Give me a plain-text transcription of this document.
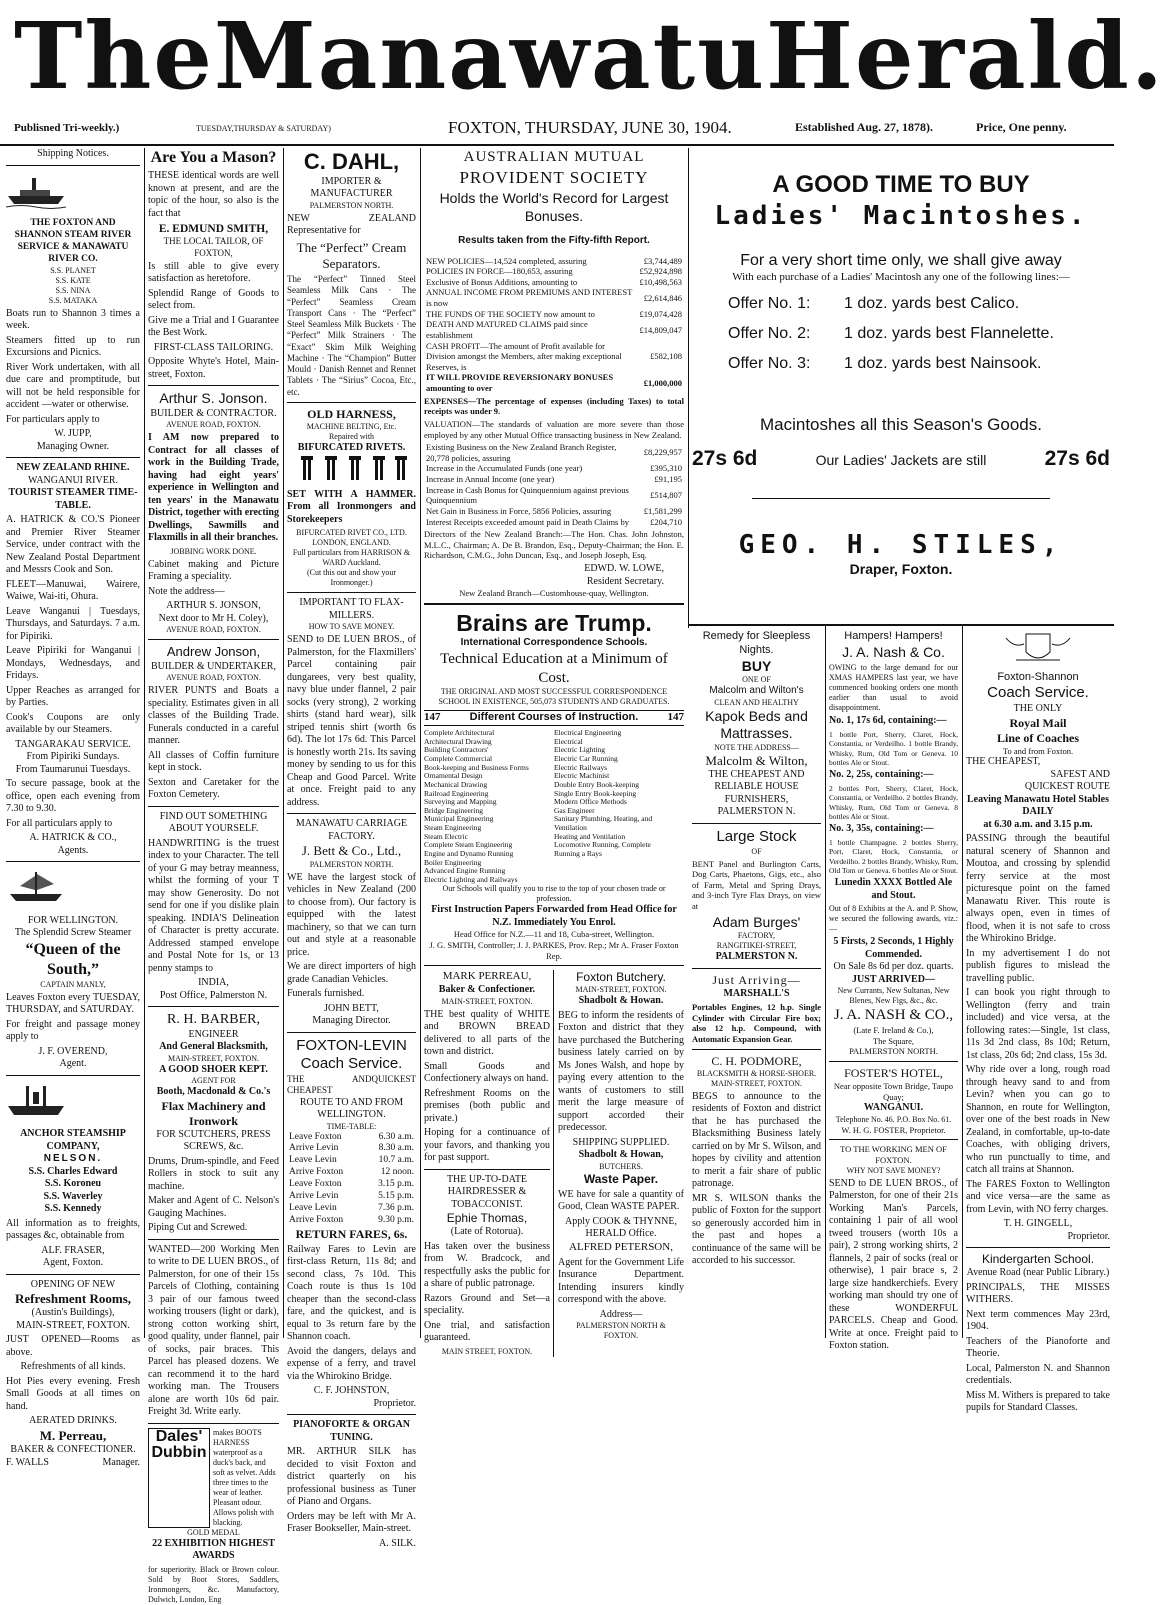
The Manawatu Herald.
Publisned Tri-weekly.)	TUESDAY,THURSDAY & SATURDAY)	FOXTON, THURSDAY, JUNE 30, 1904.	Established Aug. 27, 1878).	Price, One penny.
Shipping Notices.
THE FOXTON AND SHANNON STEAM RIVER SERVICE & MANAWATU RIVER CO.
S.S. PLANET
S.S. KATE
S.S. NINA
S.S. MATAKA

Boats run to Shannon 3 times a week.

Steamers fitted up to run Excursions and Picnics.

River Work undertaken, with all due care and promptitude, but will not be held responsible for accident —water or otherwise.

For particulars apply to

W. JUPP,
Managing Owner.
NEW ZEALAND RHINE.
WANGANUI RIVER.
TOURIST STEAMER TIME-TABLE.

A. HATRICK & CO.'S Pioneer and Premier River Steamer Service, under contract with the New Zealand Postal Department and Messrs Cook and Son.

FLEET—Manuwai, Wairere, Waiwe, Wai-iti, Ohura.

Leave Wanganui | Tuesdays, Thursdays, and Saturdays. 7 a.m. for Pipiriki.

Leave Pipiriki for Wanganui | Mondays, Wednesdays, and Fridays.

Upper Reaches as arranged for by Parties.

Cook's Coupons are only available by our Steamers.

TANGARAKAU SERVICE.
From Pipiriki Sundays.
From Taumarunui Tuesdays.

To secure passage, book at the office, open each evening from 7.30 to 9.30.

For all particulars apply to

A. HATRICK & CO.,
Agents.
FOR WELLINGTON.
The Splendid Screw Steamer
“Queen of the South,”
CAPTAIN MANLY,

Leaves Foxton every TUESDAY, THURSDAY, and SATURDAY.

For freight and passage money apply to

J. F. OVEREND,
Agent.
ANCHOR STEAMSHIP COMPANY,
NELSON.
S.S. Charles Edward
S.S. Koroneu
S.S. Waverley
S.S. Kennedy

All information as to freights, passages &c, obtainable from

ALF. FRASER,
Agent, Foxton.
OPENING OF NEW
Refreshment Rooms,
(Austin's Buildings),
MAIN-STREET, FOXTON.

JUST OPENED—Rooms as above.

Refreshments of all kinds.

Hot Pies every evening. Fresh Small Goods at all times on hand.

AERATED DRINKS.
M. Perreau,
BAKER & CONFECTIONER.
F. WALLS	Manager.
Are You a Mason?

THESE identical words are well known at present, and are the topic of the hour, so also is the fact that

E. EDMUND SMITH,
THE LOCAL TAILOR, OF FOXTON,

Is still able to give every satisfaction as heretofore.

Splendid Range of Goods to select from.

Give me a Trial and I Guarantee the Best Work.

FIRST-CLASS TAILORING.

Opposite Whyte's Hotel, Main-street, Foxton.

Arthur S. Jonson.
BUILDER & CONTRACTOR.
AVENUE ROAD, FOXTON.

I AM now prepared to Contract for all classes of work in the Building Trade, having had eight years' experience in Wellington and ten years' in the Manawatu District, together with erecting Dwellings, Sawmills and Flaxmills in all their branches.

JOBBING WORK DONE.

Cabinet making and Picture Framing a speciality.

Note the address—

ARTHUR S. JONSON,
Next door to Mr H. Coley),
AVENUE ROAD, FOXTON.
Andrew Jonson,
BUILDER & UNDERTAKER,
AVENUE ROAD, FOXTON.

RIVER PUNTS and Boats a speciality. Estimates given in all classes of the Building Trade. Funerals conducted in a careful manner.

All classes of Coffin furniture kept in stock.

Sexton and Caretaker for the Foxton Cemetery.

FIND OUT SOMETHING ABOUT YOURSELF.

HANDWRITING is the truest index to your Character. The tell of your G may betray meanness, whilst the forming of your T may show Generosity. Do not send for one if you dislike plain speaking. INDIA'S Delineation of Character is pretty accurate. Addressed stamped envelope and Postal Note for 1s, or 13 penny stamps to

INDIA,
Post Office, Palmerston N.
R. H. BARBER,
ENGINEER
And General Blacksmith,
MAIN-STREET, FOXTON.
A GOOD SHOER KEPT.
AGENT FOR
Booth, Macdonald & Co.'s
Flax Machinery and Ironwork
FOR SCUTCHERS, PRESS SCREWS, &c.

Drums, Drum-spindle, and Feed Rollers in stock to suit any machine.

Maker and Agent of C. Nelson's Gauging Machines.

Piping Cut and Screwed.

WANTED—200 Working Men to write to DE LUEN BROS., of Palmerston, for one of their 15s Parcels of Clothing, containing 3 pair of our famous tweed working trousers (light or dark), strong cotton working shirt, good quality, under flannel, pair of socks, pair braces. This Parcel has pleased dozens. We can recommend it to the hard working man. The Trousers alone are worth 10s 6d pair. Freight 3d. Write early.

Dales' Dubbin
makes BOOTS HARNESS waterproof as a duck's back, and soft as velvet. Adds three times to the wear of leather. Pleasant odour. Allows polish with blacking.
GOLD MEDAL
22 EXHIBITION HIGHEST AWARDS

for superiority. Black or Brown colour. Sold by Boot Stores, Saddlers, Ironmongers, &c. Manufactory, Dulwich, London, Eng

C. DAHL,
IMPORTER & MANUFACTURER
PALMERSTON NORTH.

NEW ZEALAND Representative for

The “Perfect” Cream Separators.

The “Perfect” Tinned Steel Seamless Milk Cans · The “Perfect” Seamless Cream Transport Cans · The “Perfect” Steel Seamless Milk Buckets · The “Perfect” Milk Strainers · The “Exact” Skim Milk Weighing Machine · The “Champion” Butter Mould · Danish Rennet and Rennet Tablets · The “Sirius” Cocoa, Etc., etc.

OLD HARNESS,
MACHINE BELTING, Etc.
Repaired with
BIFURCATED RIVETS.

SET WITH A HAMMER. From all Ironmongers and Storekeepers

BIFURCATED RIVET CO., LTD. LONDON, ENGLAND.
Full particulars from HARRISON & WARD Auckland.
(Cut this out and show your Ironmonger.)
IMPORTANT TO FLAX-MILLERS.
HOW TO SAVE MONEY.

SEND to DE LUEN BROS., of Palmerston, for the Flaxmillers' Parcel containing pair dungarees, very best quality, navy blue under flannel, 2 pair socks (very strong), 2 working shirts (stand hard wear), silk striped tennis shirt (worth 6s 6d). The lot 17s 6d. This Parcel is honestly worth 21s. Its saving money by sending to us for this Cheap and Good Parcel. Write at once. Freight paid to any address.

MANAWATU CARRIAGE FACTORY.
J. Bett & Co., Ltd.,
PALMERSTON NORTH.

WE have the largest stock of vehicles in New Zealand (200 to choose from). Our factory is equipped with the latest machinery, so that we can turn out and style at a reasonable price.

We are direct importers of high grade Canadian Vehicles.

Funerals furnished.

JOHN BETT,
Managing Director.
FOXTON-LEVIN Coach Service.
THE CHEAPEST
AND QUICKEST
ROUTE TO AND FROM WELLINGTON.
TIME-TABLE:
Leave Foxton	6.30 a.m.
Arrive Levin	8.30 a.m.
Leave Levin	10.7 a.m.
Arrive Foxton	12 noon.
Leave Foxton	3.15 p.m.
Arrive Levin	5.15 p.m.
Leave Levin	7.36 p.m.
Arrive Foxton	9.30 p.m.
RETURN FARES, 6s.

Railway Fares to Levin are first-class Return, 11s 8d; and second class, 7s 10d. This Coach route is thus 1s 10d cheaper than the second-class fare, and the quickest, and is equal to 3s return fare by the Shannon coach.

Avoid the dangers, delays and expense of a ferry, and travel via the Whirokino Bridge.

C. F. JOHNSTON,
Proprietor.
PIANOFORTE & ORGAN TUNING.

MR. ARTHUR SILK has decided to visit Foxton and district quarterly on his professional business as Tuner of Piano and Organs.

Orders may be left with Mr A. Fraser Bookseller, Main-street.

A. SILK.
AUSTRALIAN MUTUAL
PROVIDENT SOCIETY
Holds the World's Record for Largest Bonuses.
Results taken from the Fifty-fifth Report.
NEW POLICIES—14,524 completed, assuring	£3,744,489
POLICIES IN FORCE—180,653, assuring	£52,924,898
Exclusive of Bonus Additions, amounting to	£10,498,563
ANNUAL INCOME FROM PREMIUMS AND INTEREST is now	£2,614,846
THE FUNDS OF THE SOCIETY now amount to	£19,074,428
DEATH AND MATURED CLAIMS paid since establishment	£14,809,047
CASH PROFIT—The amount of Profit available for Division amongst the Members, after making exceptional Reserves, is	£582,108
IT WILL PROVIDE REVERSIONARY BONUSES amounting to over	£1,000,000

EXPENSES—The percentage of expenses (including Taxes) to total receipts was under 9.

VALUATION—The standards of valuation are more severe than those employed by any other Mutual Office transacting business in New Zealand.

Existing Business on the New Zealand Branch Register, 20,778 policies, assuring	£8,229,957
Increase in the Accumulated Funds (one year)	£395,310
Increase in Annual Income (one year)	£91,195
Increase in Cash Bonus for Quinquennium against previous Quinquennium	£514,807
Net Gain in Business in Force, 5856 Policies, assuring	£1,581,299
Interest Receipts exceeded amount paid in Death Claims by	£204,710

Directors of the New Zealand Branch:—The Hon. Chas. John Johnston, M.L.C., Chairman; A. De B. Brandon, Esq., Deputy-Chairman; the Hon. E. Richardson, C.M.G., John Duncan, Esq., and Joseph Joseph, Esq.

EDWD. W. LOWE,
Resident Secretary.
New Zealand Branch—Customhouse-quay, Wellington.
Brains are Trump.
International Correspondence Schools.
Technical Education at a Minimum of Cost.
THE ORIGINAL AND MOST SUCCESSFUL CORRESPONDENCE SCHOOL IN EXISTENCE, 505,073 STUDENTS AND GRADUATES.
147	Different Courses of Instruction.	147
Complete Architectural
Architectural Drawing
Building Contractors'
Complete Commercial
Book-keeping and Business Forms
Ornamental Design
Mechanical Drawing
Railroad Engineering
Surveying and Mapping
Bridge Engineering
Municipal Engineering
Steam Engineering
Steam Electric
Complete Steam Engineering
Engine and Dynamo Running
Boiler Engineering
Advanced Engine Running
Electric Lighting and Railways
Electrical Engineering
Electrical
Electric Lighting
Electric Car Running
Electric Railways
Electric Machinist
Double Entry Book-keeping
Single Entry Book-keeping
Modern Office Methods
Gas Engineer
Sanitary Plumbing, Heating, and Ventilation
Heating and Ventilation
Locomotive Running, Complete
Running a Rays
Our Schools will qualify you to rise to the top of your chosen trade or profession.
First Instruction Papers Forwarded from Head Office for N.Z. Immediately You Enrol.
Head Office for N.Z.—11 and 18, Cuba-street, Wellington.
J. G. SMITH, Controller; J. J. PARKES, Prov. Rep.; Mr A. Fraser Foxton Rep.
MARK PERREAU,
Baker & Confectioner.
MAIN-STREET, FOXTON.

THE best quality of WHITE and BROWN BREAD delivered to all parts of the town and district.

Small Goods and Confectionery always on hand.

Refreshment Rooms on the premises (both public and private.)

Hoping for a continuance of your favors, and thanking you for past support.

THE UP-TO-DATE HAIRDRESSER & TOBACCONIST.
Ephie Thomas,
(Late of Rotorua).

Has taken over the business from W. Bradcock, and respectfully asks the public for a share of public patronage.

Razors Ground and Set—a speciality.

One trial, and satisfaction guaranteed.

MAIN STREET, FOXTON.
Foxton Butchery.
MAIN-STREET, FOXTON.
Shadbolt & Howan.

BEG to inform the residents of Foxton and district that they have purchased the Butchering business lately carried on by Ms Jones Walsh, and hope by paying every attention to the wants of customers to still merit the large measure of support accorded their predecessor.

SHIPPING SUPPLIED.
Shadbolt & Howan,
BUTCHERS.
Waste Paper.

WE have for sale a quantity of Good, Clean WASTE PAPER.

Apply COOK & THYNNE, HERALD Office.
ALFRED PETERSON,

Agent for the Government Life Insurance Department. Intending insurers kindly correspond with the above.

Address—
PALMERSTON NORTH & FOXTON.
A GOOD TIME TO BUY
Ladies' Macintoshes.
For a very short time only, we shall give away
With each purchase of a Ladies' Macintosh any one of the following lines:—
Offer No. 1:	1 doz. yards best Calico.
Offer No. 2:	1 doz. yards best Flannelette.
Offer No. 3:	1 doz. yards best Nainsook.
Macintoshes all this Season's Goods.
27s 6d	Our Ladies' Jackets are still	27s 6d
GEO. H. STILES,
Draper, Foxton.
Remedy for Sleepless Nights.
BUY
ONE OF
Malcolm and Wilton's
CLEAN AND HEALTHY
Kapok Beds and Mattrasses.
NOTE THE ADDRESS—
Malcolm & Wilton,
THE CHEAPEST AND RELIABLE HOUSE FURNISHERS,
PALMERSTON N.
Large Stock
OF

BENT Panel and Burlington Carts, Dog Carts, Phaetons, Gigs, etc., also of Farm, Metal and Spring Drays, and 3-inch Tyre Flax Drays, on view at

Adam Burges'
FACTORY,
RANGITIKEI-STREET,
PALMERSTON N.
Just Arriving—
MARSHALL'S

Portables Engines, 12 h.p. Single Cylinder with Circular Fire box; also 12 h.p. Compound, with Automatic Expansion Gear.

C. H. PODMORE,
BLACKSMITH & HORSE-SHOER.
MAIN-STREET, FOXTON.

BEGS to announce to the residents of Foxton and district that he has purchased the Blacksmithing Business lately carried on by Mr S. Wilson, and hopes by civility and attention to merit a fair share of public patronage.

MR S. WILSON thanks the public of Foxton for the support so generously accorded him in the past and hopes a continuance of the same will be accorded to his successor.

Hampers! Hampers!
J. A. Nash & Co.

OWING to the large demand for our XMAS HAMPERS last year, we have commenced booking orders one month earlier than usual to avoid disappointment.

No. 1, 17s 6d, containing:—

1 bottle Port, Sherry, Claret, Hock, Constantia, or Verdeilho. 1 bottle Brandy, Whisky, Rum, Old Tom or Geneva. 10 bottles Ale or Stout.

No. 2, 25s, containing:—

2 bottles Port, Sherry, Claret, Hock, Constantia, or Verdeilho. 2 bottles Brandy, Whisky, Rum, Old Tom or Geneva. 8 bottles Ale or Stout.

No. 3, 35s, containing:—

1 bottle Champagne. 2 bottles Sherry, Port, Claret, Hock, Constantia, or Verdeilho. 2 bottles Brandy, Whisky, Rum, Old Tom or Geneva. 6 bottles Ale or Stout.

Lunedin XXXX Bottled Ale and Stout.

Out of 8 Exhibits at the A. and P. Show, we secured the following awards, viz.:—

5 Firsts, 2 Seconds, 1 Highly Commended.
On Sale 8s 6d per doz. quarts.
JUST ARRIVED—
New Currants, New Sultanas, New Blenes, New Figs, &c., &c.
J. A. NASH & CO.,
(Late F. Ireland & Co.),
The Square,
PALMERSTON NORTH.
FOSTER'S HOTEL,
Near opposite Town Bridge, Taupo Quay;
WANGANUI.
Telephone No. 46. P.O. Box No. 61.
W. H. G. FOSTER, Proprietor.
TO THE WORKING MEN OF FOXTON.
WHY NOT SAVE MONEY?

SEND to DE LUEN BROS., of Palmerston, for one of their 21s Working Man's Parcels, containing 1 pair of all wool tweed trousers (worth 10s a pair), 2 strong working shirts, 2 flannels, 2 pair of socks (real or otherwise), 1 pair brace s, 2 large size handkerchiefs. Every working man should try one of these WONDERFUL PARCELS. Cheap and Good. Write at once. Freight paid to Foxton station.

Foxton-Shannon
Coach Service.
THE ONLY
Royal Mail
Line of Coaches
To and from Foxton.
THE CHEAPEST,
SAFEST AND
QUICKEST ROUTE
Leaving Manawatu Hotel Stables DAILY
at 6.30 a.m. and 3.15 p.m.

PASSING through the beautiful natural scenery of Shannon and Moutoa, and crossing by splendid ferry service at the most picturesque point on the famed Manawatu River. This route is always open, even in times of flood, when it is not safe to cross the Whirokino Bridge.

In my advertisement I do not publish figures to mislead the travelling public.

I can book you right through to Wellington (ferry and train included) and vice versa, at the following rates:—Single, 1st class, 11s 3d 2nd class, 8s 10d; Return, 1st class, 20s 6d; 2nd class, 15s 3d.

Why ride over a long, rough road through heavy sand to and from Levin? when you can go to Shannon, en route for Wellington, over one of the best roads in New Zealand, in comfortable, up-to-date Coaches, with obliging drivers, who run punctually to time, and catch all trains at Shannon.

The FARES Foxton to Wellington and vice versa—are the same as from Levin, with NO ferry charges.

T. H. GINGELL,
Proprietor.
Kindergarten School.
Avenue Road (near Public Library.)

PRINCIPALS, THE MISSES WITHERS.

Next term commences May 23rd, 1904.

Teachers of the Pianoforte and Theorie.

Local, Palmerston N. and Shannon credentials.

Miss M. Withers is prepared to take pupils for Standard Classes.
